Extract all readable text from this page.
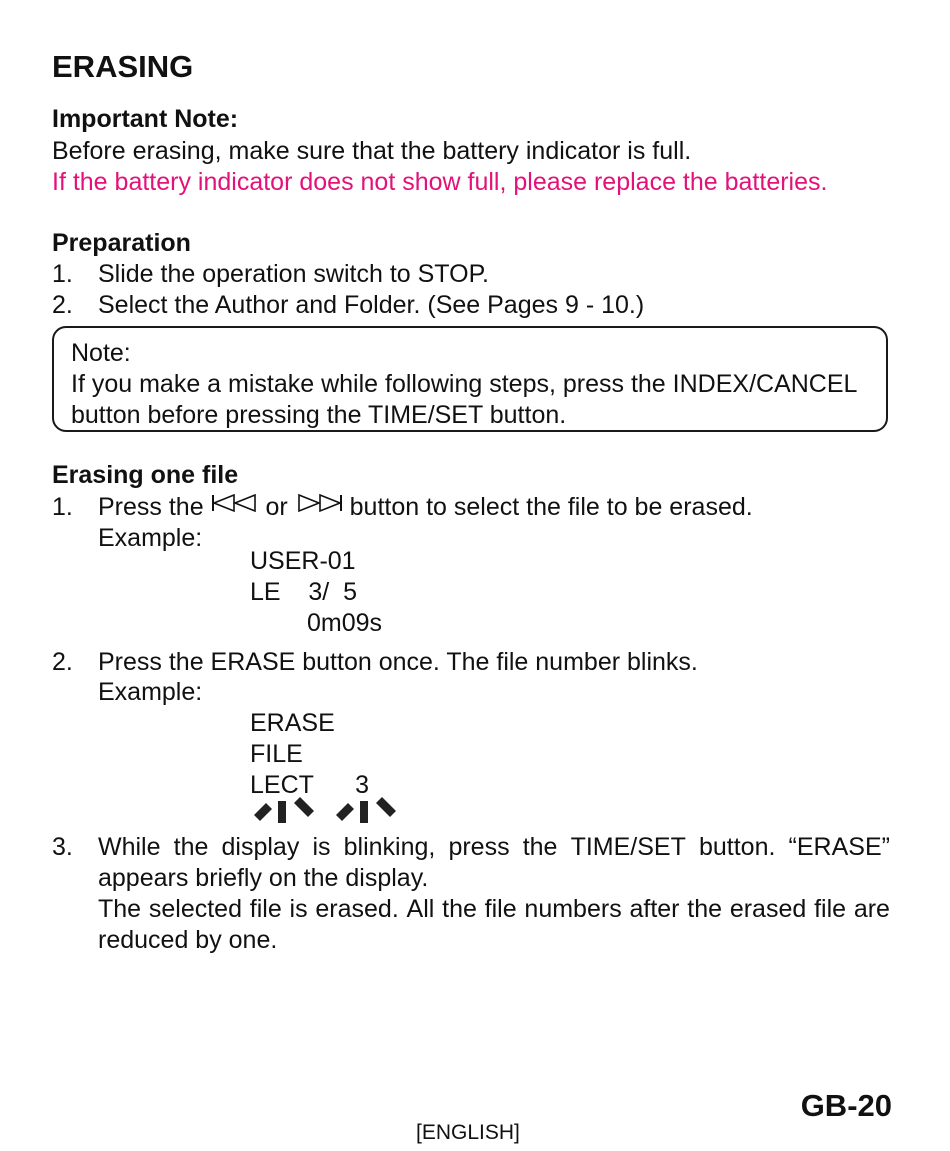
ERASING
Important Note:
Before erasing, make sure that the battery indicator is full.
If the battery indicator does not show full, please replace the batteries.
Preparation
1. Slide the operation switch to STOP.
2. Select the Author and Folder. (See Pages 9 - 10.)
Note:
If you make a mistake while following steps, press the INDEX/CANCEL
button before pressing the TIME/SET button.
Erasing one file
1. Press the or button to select the file to be erased.
Example:
USER-01
LE    3/  5
0m09s
2. Press the ERASE button once. The file number blinks.
Example:
ERASE
FILE
LECT      3
3. While the display is blinking, press the TIME/SET button. “ERASE”
appears briefly on the display.
The selected file is erased. All the file numbers after the erased file are
reduced by one.
[ENGLISH]
GB-20
